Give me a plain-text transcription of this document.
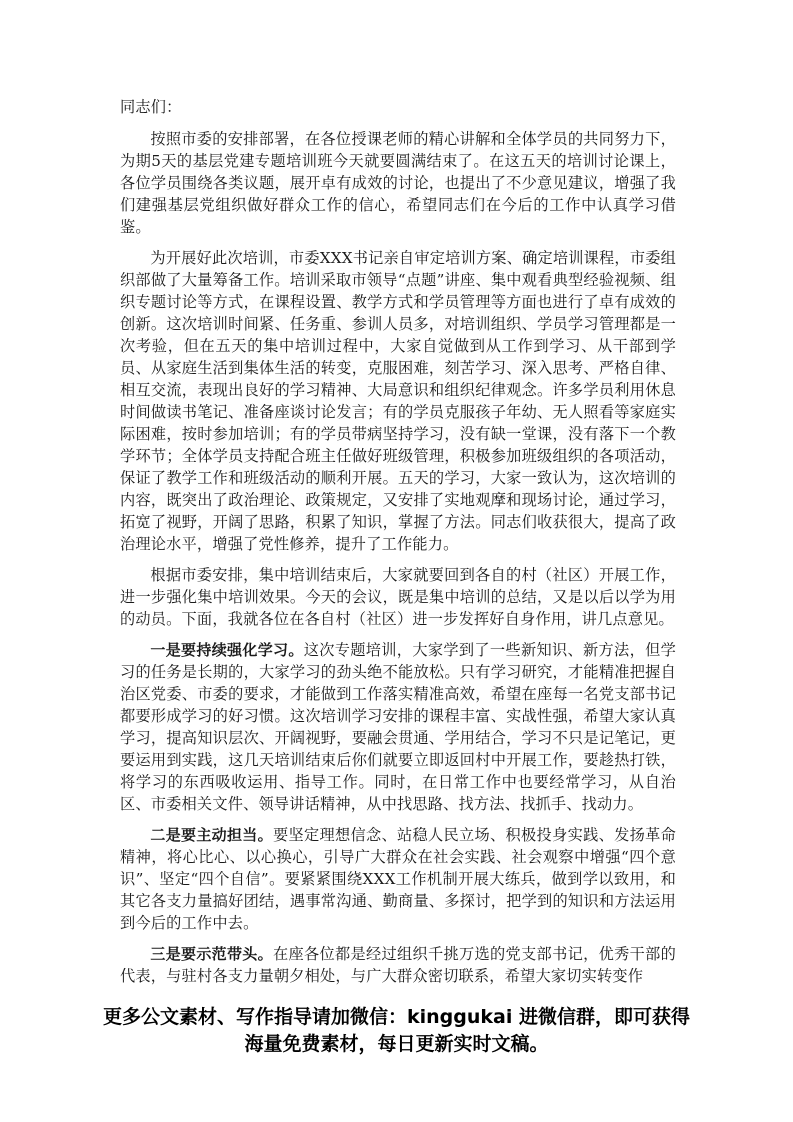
同志们：

按照市委的安排部署，在各位授课老师的精心讲解和全体学员的共同努力下，为期5天的基层党建专题培训班今天就要圆满结束了。在这五天的培训讨论课上，各位学员围绕各类议题，展开卓有成效的讨论，也提出了不少意见建议，增强了我们建强基层党组织做好群众工作的信心，希望同志们在今后的工作中认真学习借鉴。

为开展好此次培训，市委XXX书记亲自审定培训方案、确定培训课程，市委组织部做了大量筹备工作。培训采取市领导“点题”讲座、集中观看典型经验视频、组织专题讨论等方式，在课程设置、教学方式和学员管理等方面也进行了卓有成效的创新。这次培训时间紧、任务重、参训人员多，对培训组织、学员学习管理都是一次考验，但在五天的集中培训过程中，大家自觉做到从工作到学习、从干部到学员、从家庭生活到集体生活的转变，克服困难，刻苦学习、深入思考、严格自律、相互交流，表现出良好的学习精神、大局意识和组织纪律观念。许多学员利用休息时间做读书笔记、准备座谈讨论发言；有的学员克服孩子年幼、无人照看等家庭实际困难，按时参加培训；有的学员带病坚持学习，没有缺一堂课，没有落下一个教学环节；全体学员支持配合班主任做好班级管理，积极参加班级组织的各项活动，保证了教学工作和班级活动的顺利开展。五天的学习，大家一致认为，这次培训的内容，既突出了政治理论、政策规定，又安排了实地观摩和现场讨论，通过学习，拓宽了视野，开阔了思路，积累了知识，掌握了方法。同志们收获很大，提高了政治理论水平，增强了党性修养，提升了工作能力。

根据市委安排，集中培训结束后，大家就要回到各自的村（社区）开展工作，进一步强化集中培训效果。今天的会议，既是集中培训的总结，又是以后以学为用的动员。下面，我就各位在各自村（社区）进一步发挥好自身作用，讲几点意见。

一是要持续强化学习。这次专题培训，大家学到了一些新知识、新方法，但学习的任务是长期的，大家学习的劲头绝不能放松。只有学习研究，才能精准把握自治区党委、市委的要求，才能做到工作落实精准高效，希望在座每一名党支部书记都要形成学习的好习惯。这次培训学习安排的课程丰富、实战性强，希望大家认真学习，提高知识层次、开阔视野，要融会贯通、学用结合，学习不只是记笔记，更要运用到实践，这几天培训结束后你们就要立即返回村中开展工作，要趁热打铁，将学习的东西吸收运用、指导工作。同时，在日常工作中也要经常学习，从自治区、市委相关文件、领导讲话精神，从中找思路、找方法、找抓手、找动力。

二是要主动担当。要坚定理想信念、站稳人民立场、积极投身实践、发扬革命精神，将心比心、以心换心，引导广大群众在社会实践、社会观察中增强“四个意识”、坚定“四个自信”。要紧紧围绕XXX工作机制开展大练兵，做到学以致用，和其它各支力量搞好团结，遇事常沟通、勤商量、多探讨，把学到的知识和方法运用到今后的工作中去。

三是要示范带头。在座各位都是经过组织千挑万选的党支部书记，优秀干部的代表，与驻村各支力量朝夕相处，与广大群众密切联系，希望大家切实转变作

更多公文素材、写作指导请加微信：kinggukai 进微信群，即可获得
海量免费素材，每日更新实时文稿。
